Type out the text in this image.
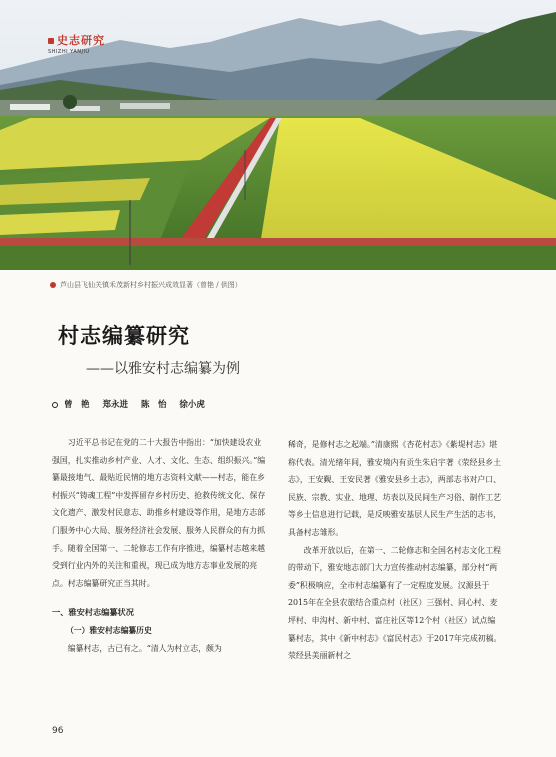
史志研究
SHIZHI YANJIU
芦山县飞仙关镇禾茂新村乡村振兴成效显著（曾艳 / 供图）
村志编纂研究
——以雅安村志编纂为例
曾　艳 郑永进 陈　怡 徐小虎

习近平总书记在党的二十大报告中指出：“加快建设农业强国，扎实推动乡村产业、人才、文化、生态、组织振兴。”编纂最接地气、最贴近民情的地方志资料文献——村志，能在乡村振兴“铸魂工程”中发挥留存乡村历史、抢救传统文化、保存文化遗产、激发村民意志、助推乡村建设等作用，是地方志部门服务中心大局、服务经济社会发展、服务人民群众的有力抓手。随着全国第一、二轮修志工作有序推进，编纂村志越来越受到行业内外的关注和重视，现已成为地方志事业发展的亮点。村志编纂研究正当其时。

一、雅安村志编纂状况

（一）雅安村志编纂历史

编纂村志，古已有之。“清人为村立志，颇为

稀奇，是修村志之起端。”清康熙《杏花村志》《紫堤村志》堪称代表。清光绪年间，雅安境内有贡生朱启宇著《荥经县乡土志》，王安覲、王安民著《雅安县乡土志》，两部志书对户口、民族、宗教、实业、地理、坊表以及民间生产习俗、制作工艺等乡土信息进行记载，是反映雅安基层人民生产生活的志书，具备村志雏形。

改革开放以后，在第一、二轮修志和全国名村志文化工程的带动下，雅安地志部门大力宣传推动村志编纂，部分村“两委”积极响应，全市村志编纂有了一定程度发展。汉源县于2015年在全县农旅结合重点村（社区）三强村、同心村、麦坪村、申沟村、新中村、富庄社区等12个村（社区）试点编纂村志，其中《新中村志》《富民村志》于2017年完成初稿。荥经县美丽新村之

96
